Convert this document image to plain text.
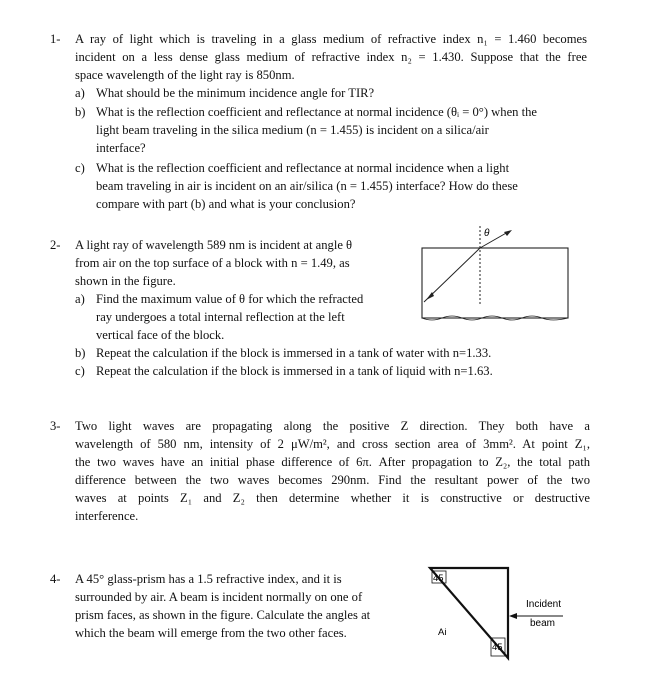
1- A ray of light which is traveling in a glass medium of refractive index n₁ = 1.460 becomes
incident on a less dense glass medium of refractive index n₂ = 1.430. Suppose that the free
space wavelength of the light ray is 850nm.
a) What should be the minimum incidence angle for TIR?
b) What is the reflection coefficient and reflectance at normal incidence (θᵢ = 0°) when the
light beam traveling in the silica medium (n = 1.455) is incident on a silica/air
interface?
c) What is the reflection coefficient and reflectance at normal incidence when a light
beam traveling in air is incident on an air/silica (n = 1.455) interface? How do these
compare with part (b) and what is your conclusion?
2- A light ray of wavelength 589 nm is incident at angle θ
from air on the top surface of a block with n = 1.49, as
shown in the figure.
a) Find the maximum value of θ for which the refracted
ray undergoes a total internal reflection at the left
vertical face of the block.
b) Repeat the calculation if the block is immersed in a tank of water with n=1.33.
c) Repeat the calculation if the block is immersed in a tank of liquid with n=1.63.
θ
3- Two light waves are propagating along the positive Z direction. They both have a
wavelength of 580 nm, intensity of 2 μW/m², and cross section area of 3mm². At point Z₁,
the two waves have an initial phase difference of 6π. After propagation to Z₂, the total path
difference between the two waves becomes 290nm. Find the resultant power of the two
waves at points Z₁ and Z₂ then determine whether it is constructive or destructive
interference.
4- A 45° glass-prism has a 1.5 refractive index, and it is
surrounded by air. A beam is incident normally on one of
prism faces, as shown in the figure. Calculate the angles at
which the beam will emerge from the two other faces.
45
45
Ai
Incident
beam
